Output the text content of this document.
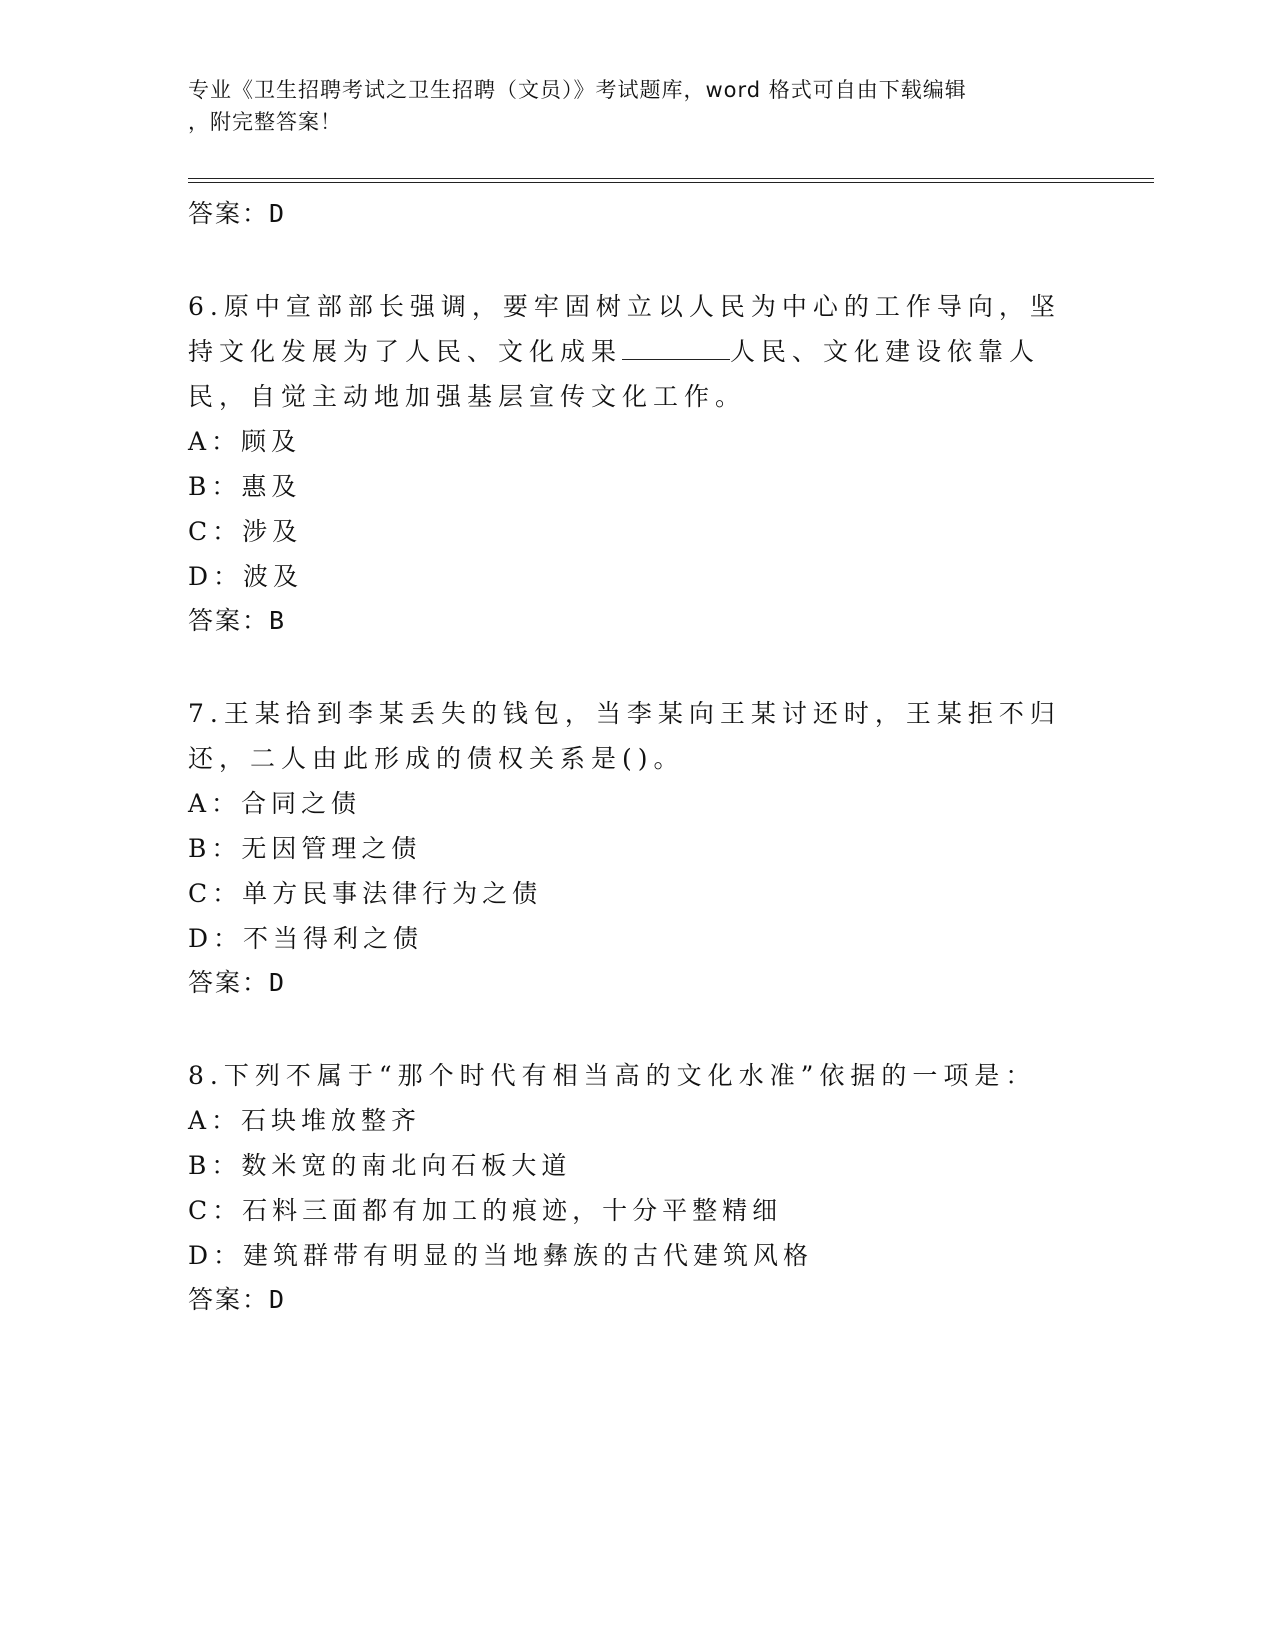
专业《卫生招聘考试之卫生招聘（文员）》考试题库，word 格式可自由下载编辑
，附完整答案！
答案：D
6.原中宣部部长强调，要牢固树立以人民为中心的工作导向，坚持文化发展为了人民、文化成果	人民、文化建设依靠人民，自觉主动地加强基层宣传文化工作。
A：顾及
B：惠及
C：涉及
D：波及
答案：B
7.王某拾到李某丢失的钱包，当李某向王某讨还时，王某拒不归还，二人由此形成的债权关系是()。
A：合同之债
B：无因管理之债
C：单方民事法律行为之债
D：不当得利之债
答案：D
8.下列不属于“那个时代有相当高的文化水准”依据的一项是：
A：石块堆放整齐
B：数米宽的南北向石板大道
C：石料三面都有加工的痕迹，十分平整精细
D：建筑群带有明显的当地彝族的古代建筑风格
答案：D
